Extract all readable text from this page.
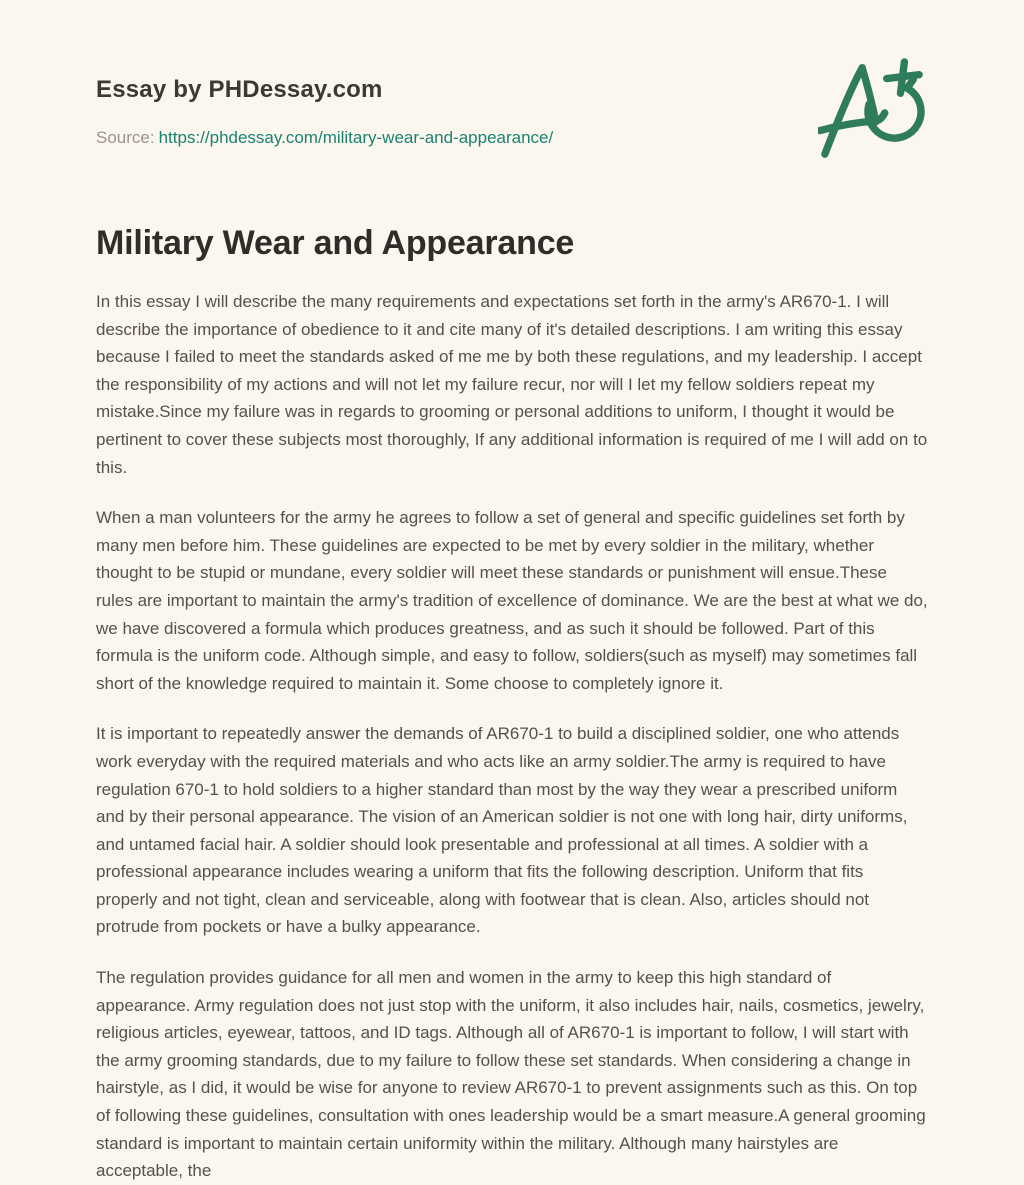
Essay by PHDessay.com

Source: https://phdessay.com/military-wear-and-appearance/

Military Wear and Appearance

In this essay I will describe the many requirements and expectations set forth in the army's AR670-1. I will describe the importance of obedience to it and cite many of it's detailed descriptions. I am writing this essay because I failed to meet the standards asked of me me by both these regulations, and my leadership. I accept the responsibility of my actions and will not let my failure recur, nor will I let my fellow soldiers repeat my mistake.Since my failure was in regards to grooming or personal additions to uniform, I thought it would be pertinent to cover these subjects most thoroughly, If any additional information is required of me I will add on to this.

When a man volunteers for the army he agrees to follow a set of general and specific guidelines set forth by many men before him. These guidelines are expected to be met by every soldier in the military, whether thought to be stupid or mundane, every soldier will meet these standards or punishment will ensue.These rules are important to maintain the army's tradition of excellence of dominance. We are the best at what we do, we have discovered a formula which produces greatness, and as such it should be followed. Part of this formula is the uniform code. Although simple, and easy to follow, soldiers(such as myself) may sometimes fall short of the knowledge required to maintain it. Some choose to completely ignore it.

It is important to repeatedly answer the demands of AR670-1 to build a disciplined soldier, one who attends work everyday with the required materials and who acts like an army soldier.The army is required to have regulation 670-1 to hold soldiers to a higher standard than most by the way they wear a prescribed uniform and by their personal appearance. The vision of an American soldier is not one with long hair, dirty uniforms, and untamed facial hair. A soldier should look presentable and professional at all times. A soldier with a professional appearance includes wearing a uniform that fits the following description. Uniform that fits properly and not tight, clean and serviceable, along with footwear that is clean. Also, articles should not protrude from pockets or have a bulky appearance.

The regulation provides guidance for all men and women in the army to keep this high standard of appearance. Army regulation does not just stop with the uniform, it also includes hair, nails, cosmetics, jewelry, religious articles, eyewear, tattoos, and ID tags. Although all of AR670-1 is important to follow, I will start with the army grooming standards, due to my failure to follow these set standards. When considering a change in hairstyle, as I did, it would be wise for anyone to review AR670-1 to prevent assignments such as this. On top of following these guidelines, consultation with ones leadership would be a smart measure.A general grooming standard is important to maintain certain uniformity within the military. Although many hairstyles are acceptable, the
